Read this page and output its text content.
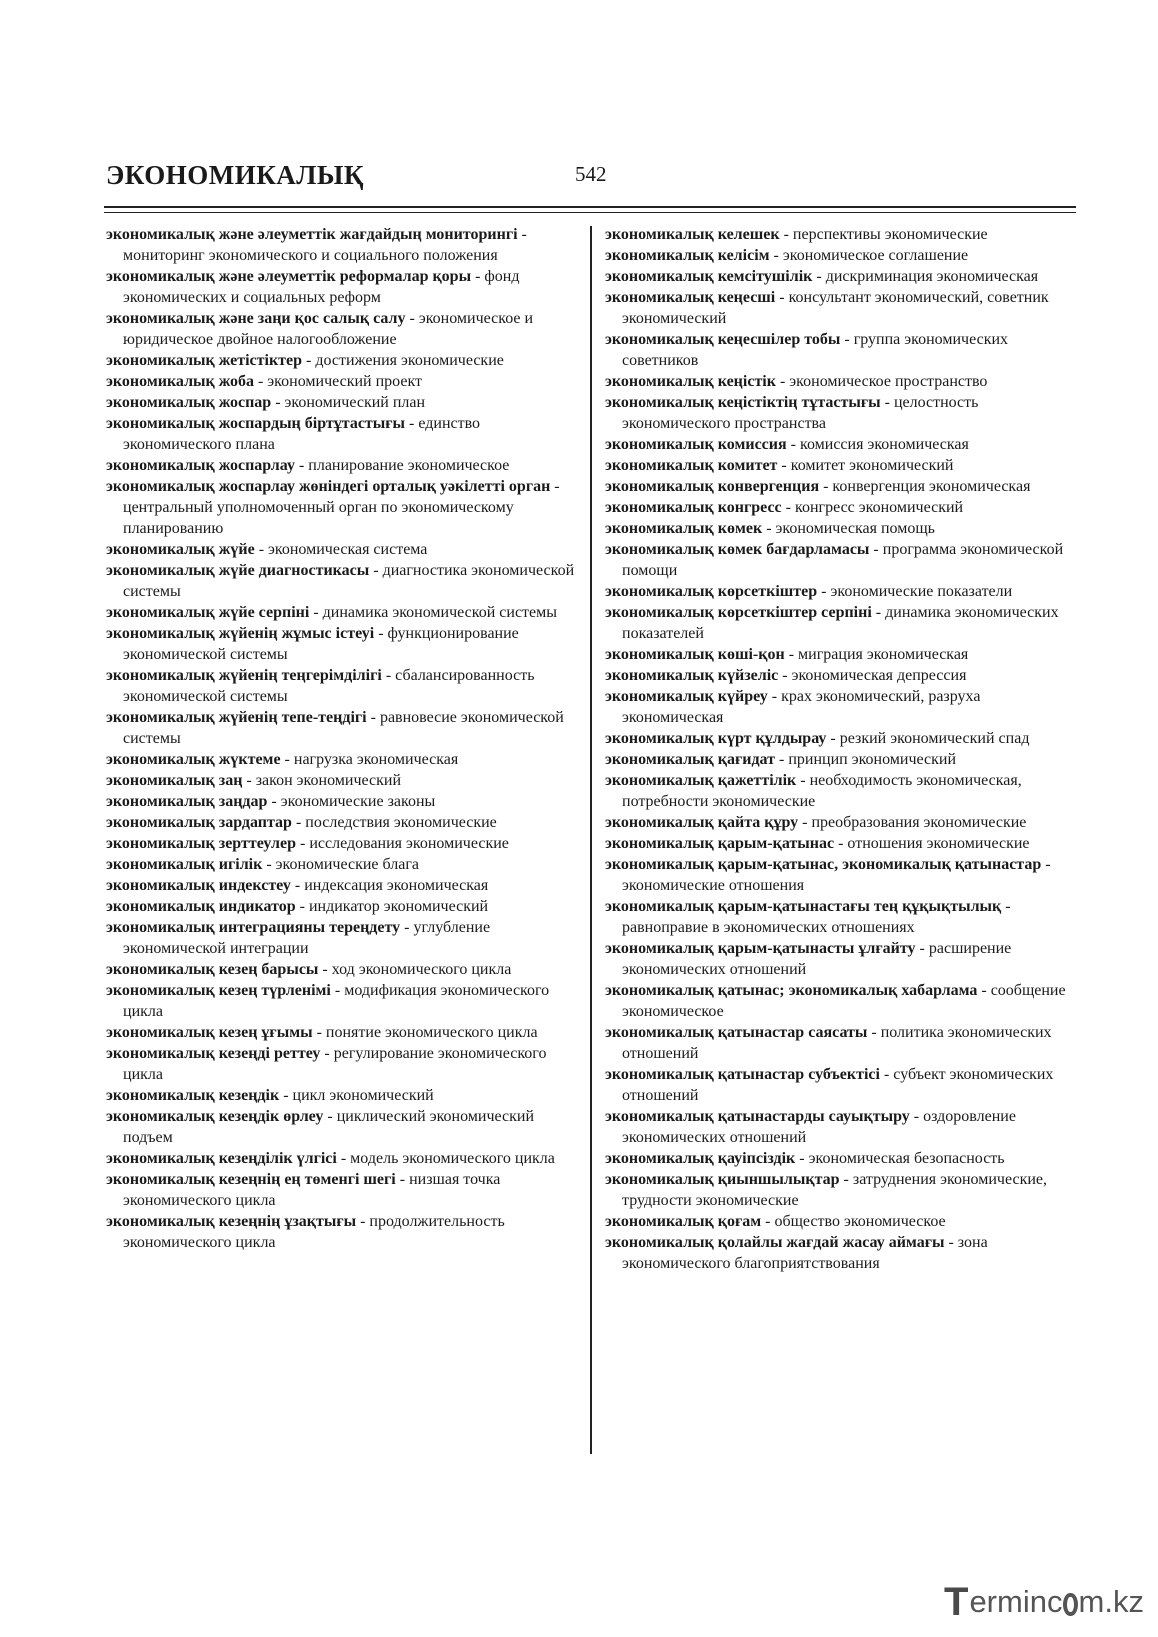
ЭКОНОМИКАЛЫҚ	542
экономикалық және әлеуметтік жағдайдың мониторингі - мониторинг экономического и социального положения
экономикалық және әлеуметтік реформалар қоры - фонд экономических и социальных реформ
экономикалық және заңи қос салық салу - экономическое и юридическое двойное налогообложение
экономикалық жетістіктер - достижения экономические
экономикалық жоба - экономический проект
экономикалық жоспар - экономический план
экономикалық жоспардың біртұтастығы - единство экономического плана
экономикалық жоспарлау - планирование экономическое
экономикалық жоспарлау жөніндегі орталық уәкілетті орган - центральный уполномоченный орган по экономическому планированию
экономикалық жүйе - экономическая система
экономикалық жүйе диагностикасы - диагностика экономической системы
экономикалық жүйе серпіні - динамика экономической системы
экономикалық жүйенің жұмыс істеуі - функционирование экономической системы
экономикалық жүйенің теңгерімділігі - сбалансированность экономической системы
экономикалық жүйенің тепе-теңдігі - равновесие экономической системы
экономикалық жүктеме - нагрузка экономическая
экономикалық заң - закон экономический
экономикалық заңдар - экономические законы
экономикалық зардаптар - последствия экономические
экономикалық зерттеулер - исследования экономические
экономикалық игілік - экономические блага
экономикалық индекстеу - индексация экономическая
экономикалық индикатор - индикатор экономический
экономикалық интеграцияны тереңдету - углубление экономической интеграции
экономикалық кезең барысы - ход экономического цикла
экономикалық кезең түрленімі - модификация экономического цикла
экономикалық кезең ұғымы - понятие экономического цикла
экономикалық кезеңді реттеу - регулирование экономического цикла
экономикалық кезеңдік - цикл экономический
экономикалық кезеңдік өрлеу - циклический экономический подъем
экономикалық кезеңділік үлгісі - модель экономического цикла
экономикалық кезеңнің ең төменгі шегі - низшая точка экономического цикла
экономикалық кезеңнің ұзақтығы - продолжительность экономического цикла
экономикалық келешек - перспективы экономические
экономикалық келісім - экономическое соглашение
экономикалық кемсітушілік - дискриминация экономическая
экономикалық кеңесші - консультант экономический, советник экономический
экономикалық кеңесшілер тобы - группа экономических советников
экономикалық кеңістік - экономическое пространство
экономикалық кеңістіктің тұтастығы - целостность экономического пространства
экономикалық комиссия - комиссия экономическая
экономикалық комитет - комитет экономический
экономикалық конвергенция - конвергенция экономическая
экономикалық конгресс - конгресс экономический
экономикалық көмек - экономическая помощь
экономикалық көмек бағдарламасы - программа экономической помощи
экономикалық көрсеткіштер - экономические показатели
экономикалық көрсеткіштер серпіні - динамика экономических показателей
экономикалық көші-қон - миграция экономическая
экономикалық күйзеліс - экономическая депрессия
экономикалық күйреу - крах экономический, разруха экономическая
экономикалық күрт құлдырау - резкий экономический спад
экономикалық қағидат - принцип экономический
экономикалық қажеттілік - необходимость экономическая, потребности экономические
экономикалық қайта құру - преобразования экономические
экономикалық қарым-қатынас - отношения экономические
экономикалық қарым-қатынас, экономикалық қатынастар - экономические отношения
экономикалық қарым-қатынастағы тең құқықтылық - равноправие в экономических отношениях
экономикалық қарым-қатынасты ұлғайту - расширение экономических отношений
экономикалық қатынас; экономикалық хабарлама - сообщение экономическое
экономикалық қатынастар саясаты - политика экономических отношений
экономикалық қатынастар субъектісі - субъект экономических отношений
экономикалық қатынастарды сауықтыру - оздоровление экономических отношений
экономикалық қауіпсіздік - экономическая безопасность
экономикалық қиыншылықтар - затруднения экономические, трудности экономические
экономикалық қоғам - общество экономическое
экономикалық қолайлы жағдай жасау аймағы - зона экономического благоприятствования
T erminc m . kz
